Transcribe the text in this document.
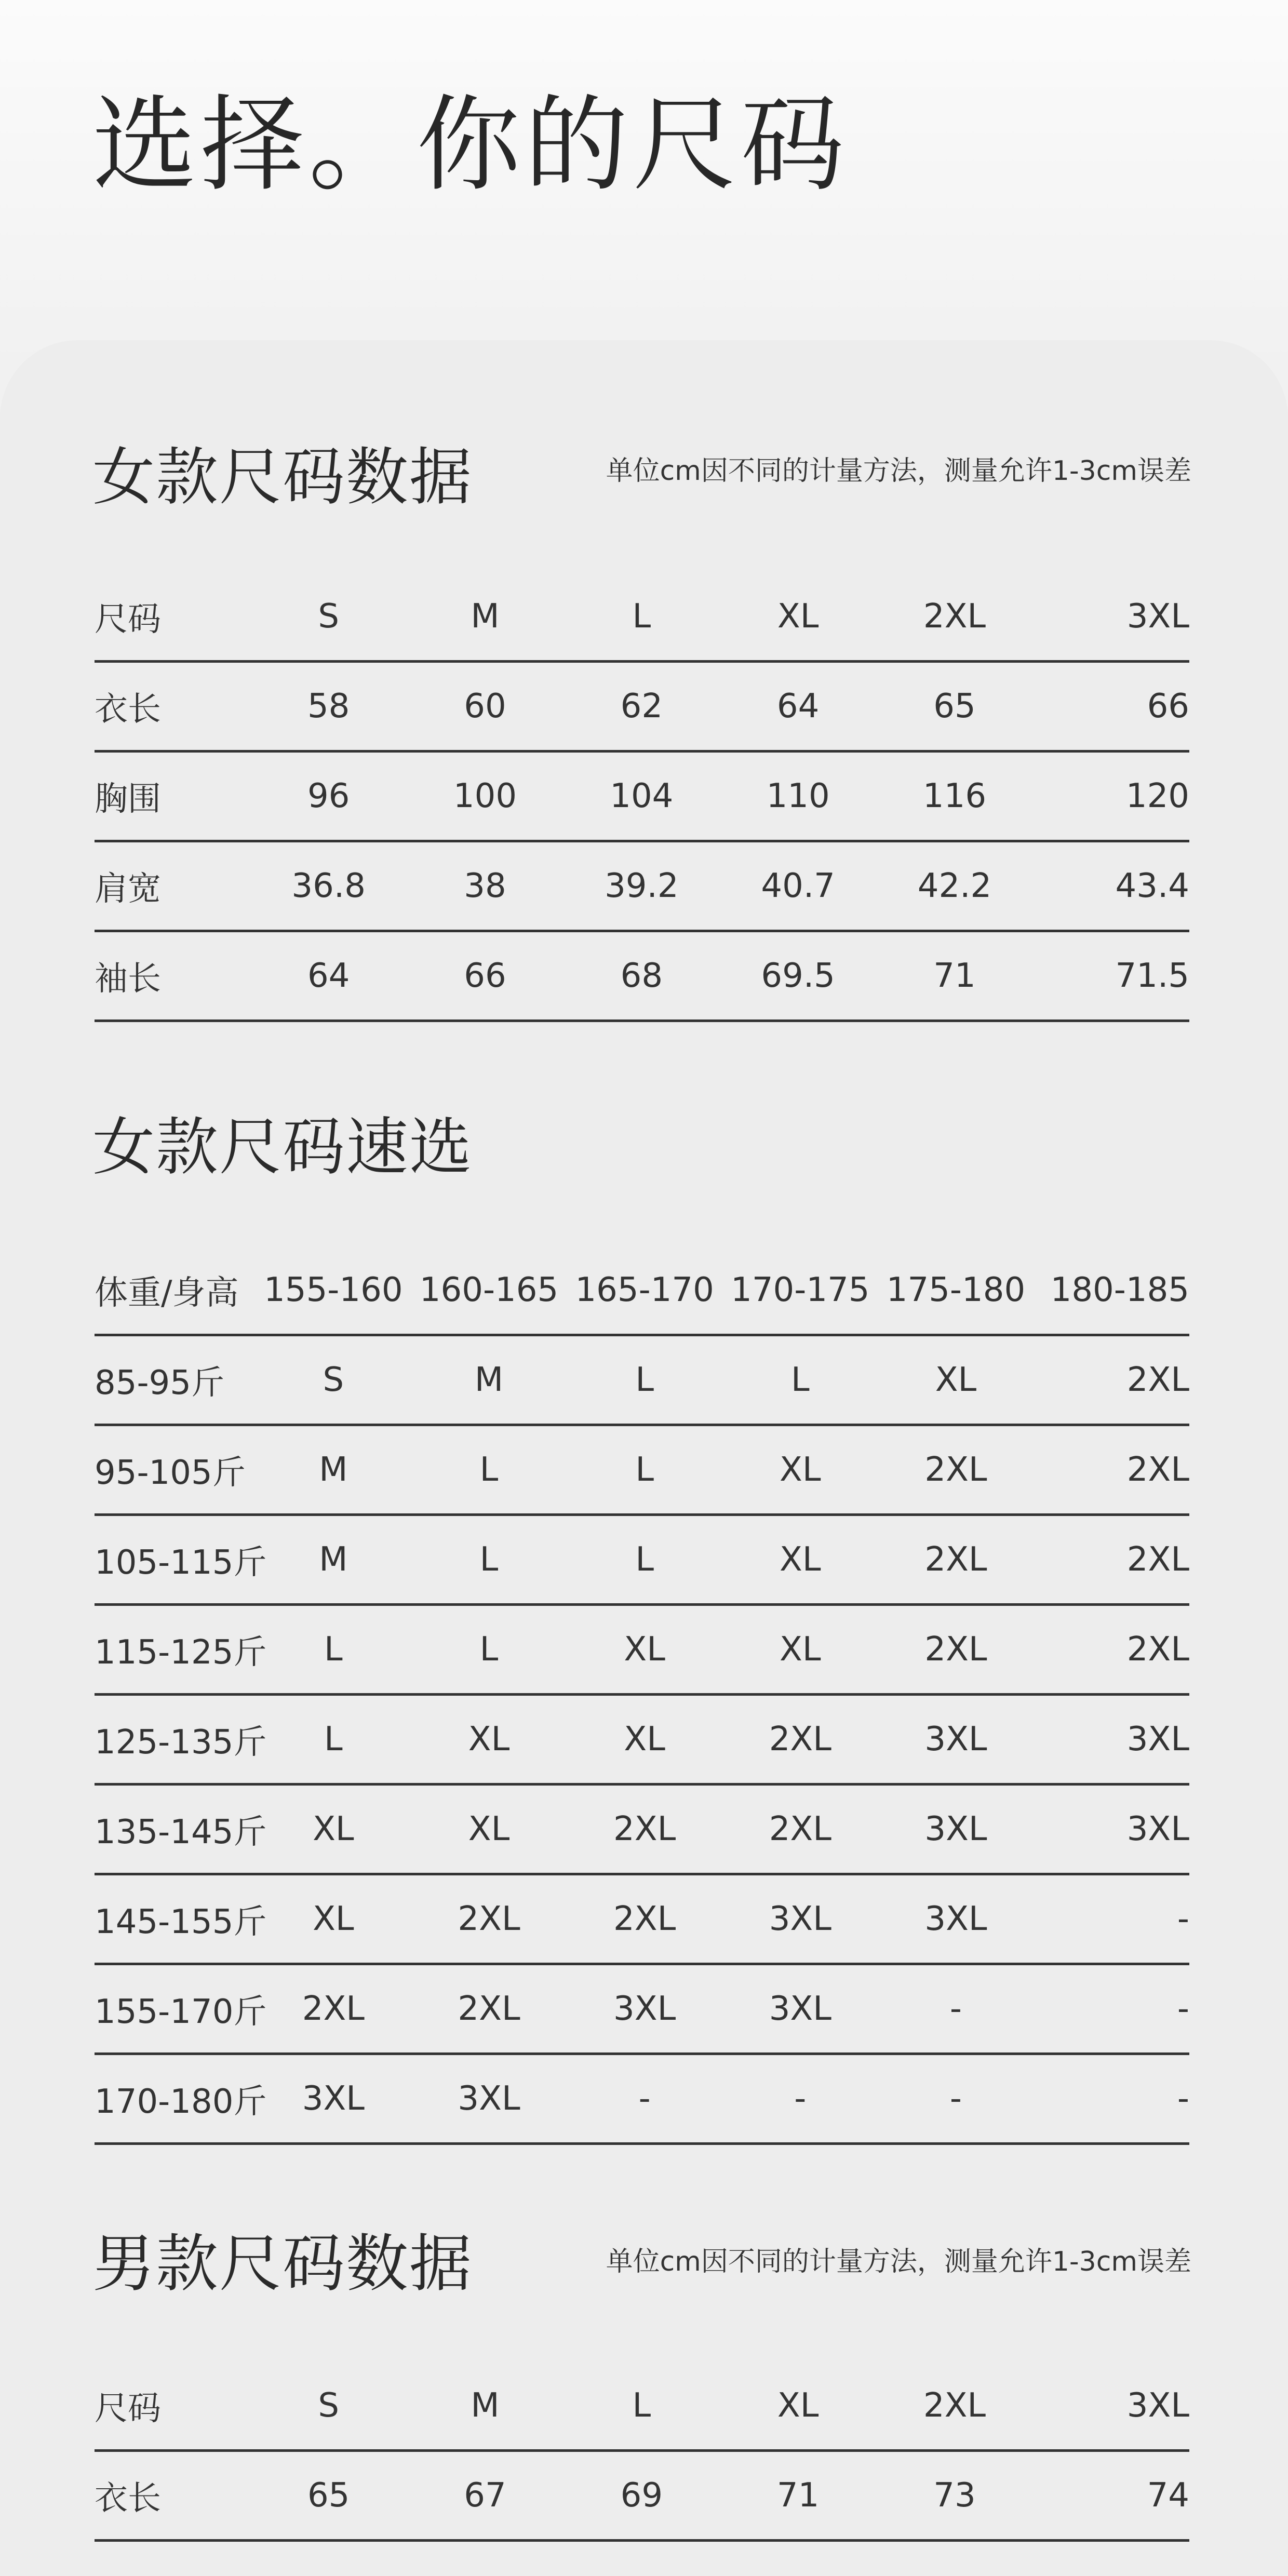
选择。你的尺码
女款尺码数据	单位cm因不同的计量方法，测量允许1-3cm误差
尺码	S	M	L	XL	2XL	3XL
衣长	58	60	62	64	65	66
胸围	96	100	104	110	116	120
肩宽	36.8	38	39.2	40.7	42.2	43.4
袖长	64	66	68	69.5	71	71.5
女款尺码速选
体重/身高	155-160	160-165	165-170	170-175	175-180	180-185
85-95斤	S	M	L	L	XL	2XL
95-105斤	M	L	L	XL	2XL	2XL
105-115斤	M	L	L	XL	2XL	2XL
115-125斤	L	L	XL	XL	2XL	2XL
125-135斤	L	XL	XL	2XL	3XL	3XL
135-145斤	XL	XL	2XL	2XL	3XL	3XL
145-155斤	XL	2XL	2XL	3XL	3XL	-
155-170斤	2XL	2XL	3XL	3XL	-	-
170-180斤	3XL	3XL	-	-	-	-
男款尺码数据	单位cm因不同的计量方法，测量允许1-3cm误差
尺码	S	M	L	XL	2XL	3XL
衣长	65	67	69	71	73	74
